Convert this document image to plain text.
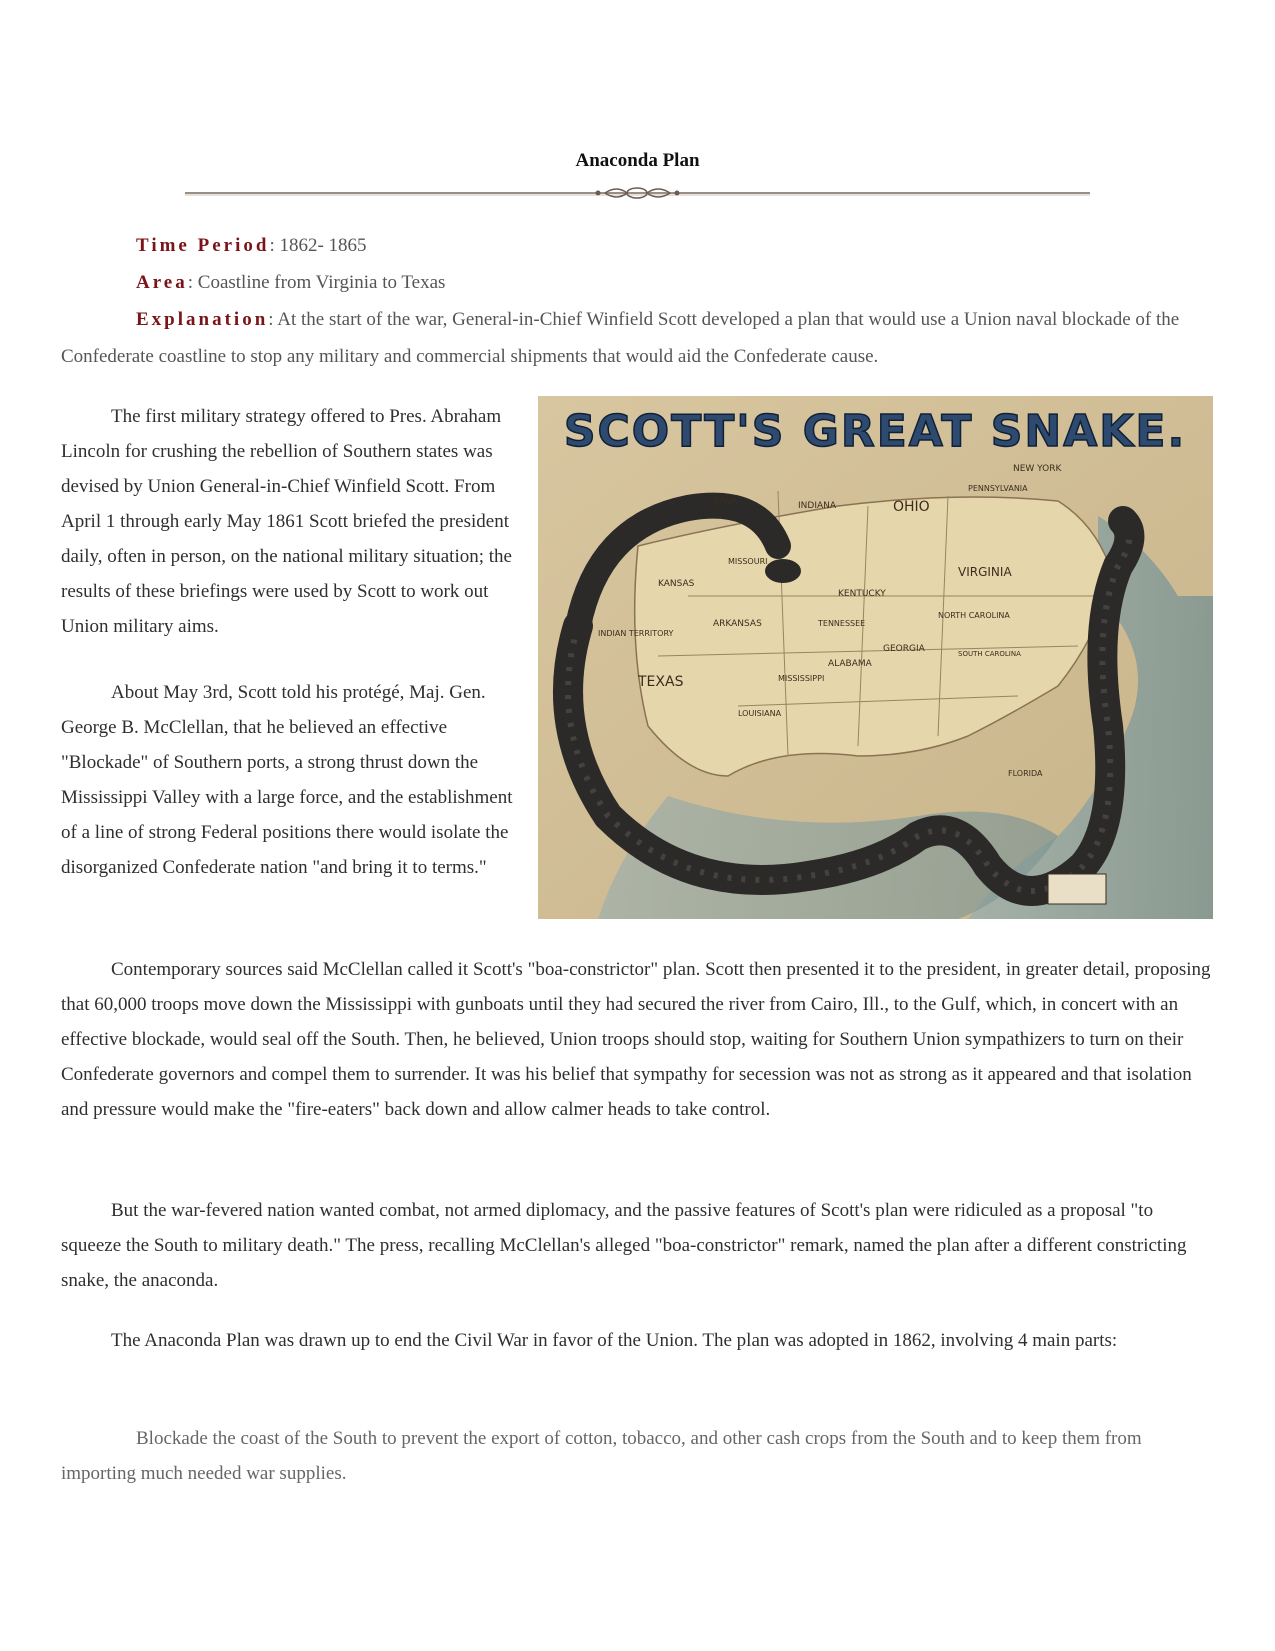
Anaconda Plan
Time Period: 1862- 1865
Area: Coastline from Virginia to Texas
Explanation: At the start of the war, General-in-Chief Winfield Scott developed a plan that would use a Union naval blockade of the Confederate coastline to stop any military and commercial shipments that would aid the Confederate cause.
The first military strategy offered to Pres. Abraham Lincoln for crushing the rebellion of Southern states was devised by Union General-in-Chief Winfield Scott. From April 1 through early May 1861 Scott briefed the president daily, often in person, on the national military situation; the results of these briefings were used by Scott to work out Union military aims.
About May 3rd, Scott told his protégé, Maj. Gen. George B. McClellan, that he believed an effective "Blockade" of Southern ports, a strong thrust down the Mississippi Valley with a large force, and the establishment of a line of strong Federal positions there would isolate the disorganized Confederate nation "and bring it to terms."
SCOTT'S GREAT SNAKE.
IOWA	INDIANA	OHIO
NEW YORK
PENNSYLVANIA
KANSAS
MISSOURI
KENTUCKY
VIRGINIA
INDIAN TERRITORY
ARKANSAS	TENNESSEE
NORTH CAROLINA
SOUTH CAROLINA
GEORGIA
ALABAMA
MISSISSIPPI
TEXAS
LOUISIANA
FLORIDA
Contemporary sources said McClellan called it Scott's "boa-constrictor" plan. Scott then presented it to the president, in greater detail, proposing that 60,000 troops move down the Mississippi with gunboats until they had secured the river from Cairo, Ill., to the Gulf, which, in concert with an effective blockade, would seal off the South. Then, he believed, Union troops should stop, waiting for Southern Union sympathizers to turn on their Confederate governors and compel them to surrender. It was his belief that sympathy for secession was not as strong as it appeared and that isolation and pressure would make the "fire-eaters" back down and allow calmer heads to take control.
But the war-fevered nation wanted combat, not armed diplomacy, and the passive features of Scott's plan were ridiculed as a proposal "to squeeze the South to military death." The press, recalling McClellan's alleged "boa-constrictor" remark, named the plan after a different constricting snake, the anaconda.
The Anaconda Plan was drawn up to end the Civil War in favor of the Union. The plan was adopted in 1862, involving 4 main parts:
Blockade the coast of the South to prevent the export of cotton, tobacco, and other cash crops from the South and to keep them from importing much needed war supplies.
